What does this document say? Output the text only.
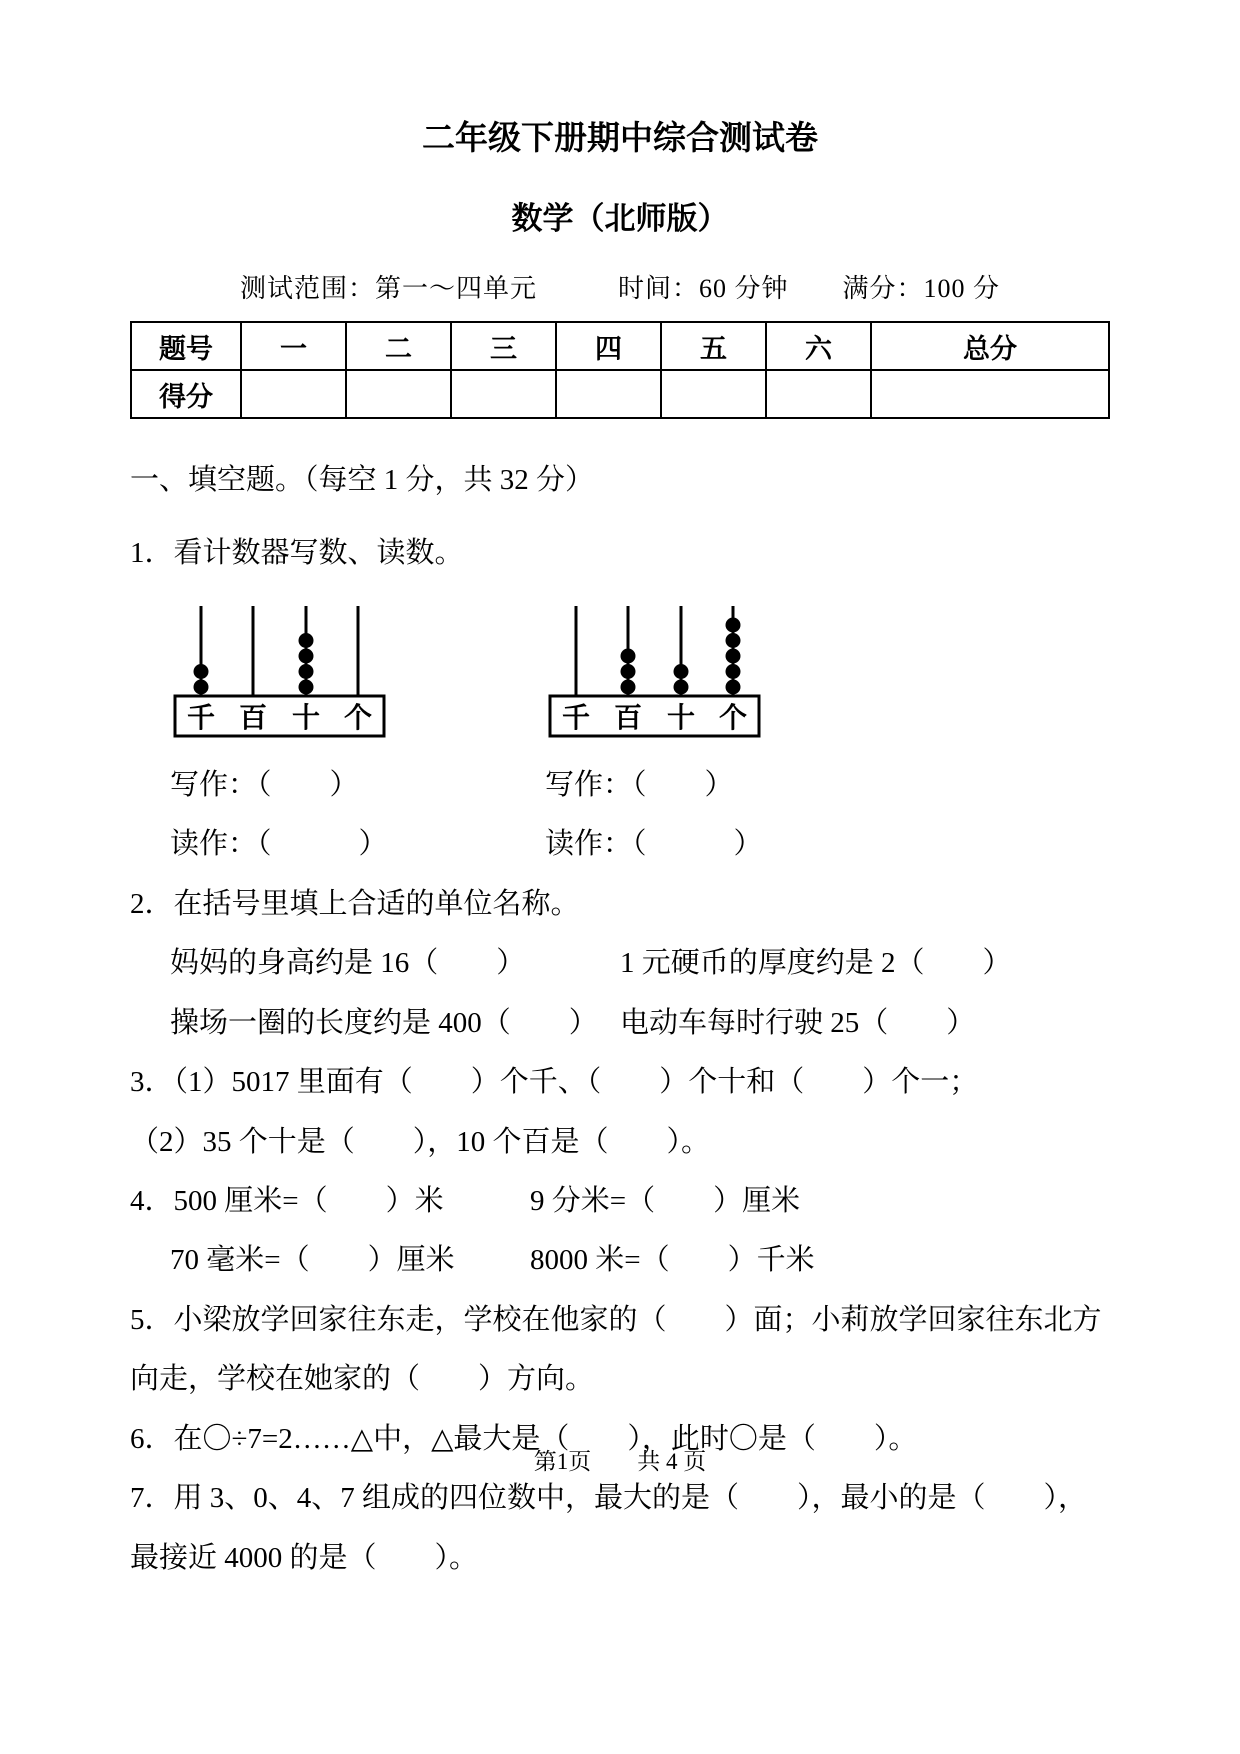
二年级下册期中综合测试卷
数学（北师版）
测试范围：第一～四单元　　　时间：60 分钟　　满分：100 分
题号	一	二	三	四	五	六	总分
得分							
一、填空题。（每空 1 分，共 32 分）
1．看计数器写数、读数。
千 百 十 个	千 百 十 个
写作：（　　）	写作：（　　）
读作：（　　　）	读作：（　　　）
2．在括号里填上合适的单位名称。
妈妈的身高约是 16（　　）	1 元硬币的厚度约是 2（　　）
操场一圈的长度约是 400（　　） 电动车每时行驶 25（　　）
3．（1）5017 里面有（　　）个千、（　　）个十和（　　）个一；
（2）35 个十是（　　），10 个百是（　　）。
4．500 厘米=（　　）米	9 分米=（　　）厘米
70 毫米=（　　）厘米	8000 米=（　　）千米
5．小梁放学回家往东走，学校在他家的（　　）面；小莉放学回家往东北方向走，学校在她家的（　　）方向。
6．在〇÷7=2……△中，△最大是（　　），此时〇是（　　）。
7．用 3、0、4、7 组成的四位数中，最大的是（　　），最小的是（　　），最接近 4000 的是（　　）。
第1页　　共 4 页
